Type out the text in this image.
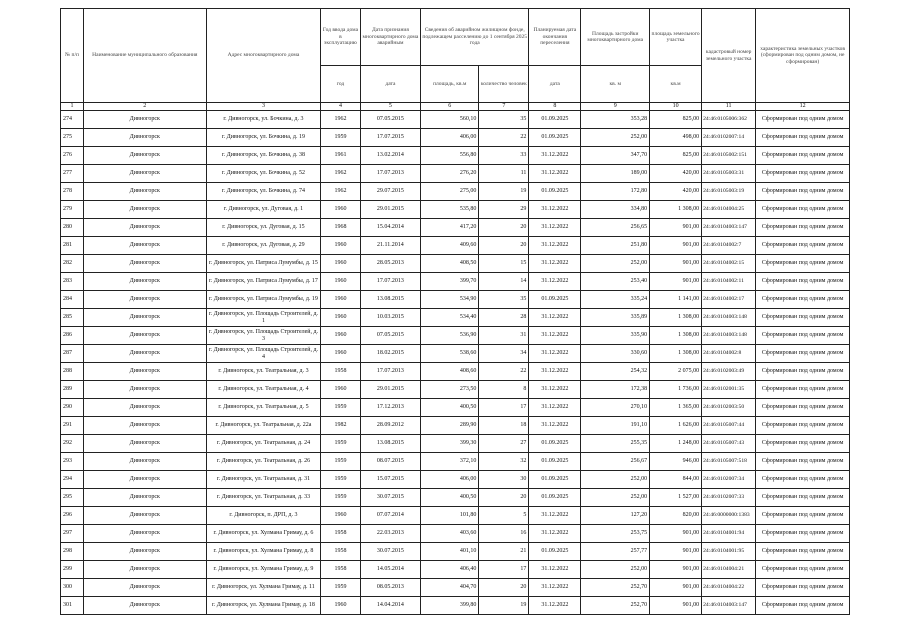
№ п/п	Наименование муниципального образования	Адрес многоквартирного дома	Год ввода дома в эксплуатацию	Дата признания многоквартирного дома аварийным	Сведения об аварийном жилищном фонде, подлежащем расселению до 1 сентября 2025 года		Планируемая дата окончания переселения	Площадь застройки многоквартирного дома	площадь земельного участка	кадастровый номер земельного участка	характеристика земельных участков (сформирован под одним домом, не сформирован)
			год	дата	площадь, кв.м	количество человек	дата	кв. м	кв.м		
1	2	3	4	5	6	7	8	9	10	11	12
274	Дивногорск	г. Дивногорск, ул. Бочкина, д. 3	1962	07.05.2015	560,10	35	01.09.2025	353,28	825,00	24:46:0105006:362	Сформирован под одним домом
275	Дивногорск	г. Дивногорск, ул. Бочкина, д. 19	1959	17.07.2015	406,00	22	01.09.2025	252,00	498,00	24:46:0102007:14	Сформирован под одним домом
276	Дивногорск	г. Дивногорск, ул. Бочкина, д. 38	1961	13.02.2014	556,80	33	31.12.2022	347,70	825,00	24:46:0105002:151	Сформирован под одним домом
277	Дивногорск	г. Дивногорск, ул. Бочкина, д. 52	1962	17.07.2013	276,20	11	31.12.2022	189,00	420,00	24:46:0105003:31	Сформирован под одним домом
278	Дивногорск	г. Дивногорск, ул. Бочкина, д. 74	1962	29.07.2015	275,00	19	01.09.2025	172,80	420,00	24:46:0105003:19	Сформирован под одним домом
279	Дивногорск	г. Дивногорск, ул. Дуговая, д. 1	1960	29.01.2015	535,80	29	31.12.2022	334,80	1 308,00	24:46:0104004:25	Сформирован под одним домом
280	Дивногорск	г. Дивногорск, ул. Дуговая, д. 15	1968	15.04.2014	417,20	20	31.12.2022	256,65	901,00	24:46:0104003:147	Сформирован под одним домом
281	Дивногорск	г. Дивногорск, ул. Дуговая, д. 29	1960	21.11.2014	409,60	20	31.12.2022	251,80	901,00	24:46:0104002:7	Сформирован под одним домом
282	Дивногорск	г. Дивногорск, ул. Патриса Лумумбы, д. 15	1960	28.05.2013	408,50	15	31.12.2022	252,00	901,00	24:46:0104002:15	Сформирован под одним домом
283	Дивногорск	г. Дивногорск, ул. Патриса Лумумбы, д. 17	1960	17.07.2013	399,70	14	31.12.2022	253,40	901,00	24:46:0104002:11	Сформирован под одним домом
284	Дивногорск	г. Дивногорск, ул. Патриса Лумумбы, д. 19	1960	13.08.2015	534,90	35	01.09.2025	335,24	1 141,00	24:46:0104002:17	Сформирован под одним домом
285	Дивногорск	г. Дивногорск, ул. Площадь Строителей, д. 1	1960	10.03.2015	534,40	28	31.12.2022	335,89	1 308,00	24:46:0104003:148	Сформирован под одним домом
286	Дивногорск	г. Дивногорск, ул. Площадь Строителей, д. 3	1960	07.05.2015	536,90	31	31.12.2022	335,90	1 308,00	24:46:0104003:148	Сформирован под одним домом
287	Дивногорск	г. Дивногорск, ул. Площадь Строителей, д. 4	1960	18.02.2015	538,60	34	31.12.2022	330,60	1 308,00	24:46:0104002:8	Сформирован под одним домом
288	Дивногорск	г. Дивногорск, ул. Театральная, д. 3	1958	17.07.2013	408,60	22	31.12.2022	254,32	2 075,00	24:46:0102003:49	Сформирован под одним домом
289	Дивногорск	г. Дивногорск, ул. Театральная, д. 4	1960	29.01.2015	273,50	8	31.12.2022	172,38	1 736,00	24:46:0102001:35	Сформирован под одним домом
290	Дивногорск	г. Дивногорск, ул. Театральная, д. 5	1959	17.12.2013	400,50	17	31.12.2022	270,10	1 365,00	24:46:0102003:50	Сформирован под одним домом
291	Дивногорск	г. Дивногорск, ул. Театральная, д. 22а	1982	28.09.2012	289,90	18	31.12.2022	191,10	1 626,00	24:46:0105007:44	Сформирован под одним домом
292	Дивногорск	г. Дивногорск, ул. Театральная, д. 24	1959	13.08.2015	399,30	27	01.09.2025	255,35	1 248,00	24:46:0105007:43	Сформирован под одним домом
293	Дивногорск	г. Дивногорск, ул. Театральная, д. 26	1959	08.07.2015	372,10	32	01.09.2025	256,67	946,00	24:46:0105007:518	Сформирован под одним домом
294	Дивногорск	г. Дивногорск, ул. Театральная, д. 31	1959	15.07.2015	406,00	30	01.09.2025	252,00	844,00	24:46:0102007:34	Сформирован под одним домом
295	Дивногорск	г. Дивногорск, ул. Театральная, д. 33	1959	30.07.2015	400,50	20	01.09.2025	252,00	1 527,00	24:46:0102007:33	Сформирован под одним домом
296	Дивногорск	г. Дивногорск, п. ДРП, д. 3	1960	07.07.2014	101,80	5	31.12.2022	127,20	820,00	24:46:0000000:1383	Сформирован под одним домом
297	Дивногорск	г. Дивногорск, ул. Хулмана Гримау, д. 6	1958	22.03.2013	403,60	16	31.12.2022	253,75	901,00	24:46:0104001:94	Сформирован под одним домом
298	Дивногорск	г. Дивногорск, ул. Хулмана Гримау, д. 8	1958	30.07.2015	401,10	21	01.09.2025	257,77	901,00	24:46:0104001:95	Сформирован под одним домом
299	Дивногорск	г. Дивногорск, ул. Хулмана Гримау, д. 9	1958	14.05.2014	406,40	17	31.12.2022	252,00	901,00	24:46:0104004:21	Сформирован под одним домом
300	Дивногорск	г. Дивногорск, ул. Хулмана Гримау, д. 11	1959	08.05.2013	404,70	20	31.12.2022	252,70	901,00	24:46:0104004:22	Сформирован под одним домом
301	Дивногорск	г. Дивногорск, ул. Хулмана Гримау, д. 18	1960	14.04.2014	399,80	19	31.12.2022	252,70	901,00	24:46:0104003:147	Сформирован под одним домом
